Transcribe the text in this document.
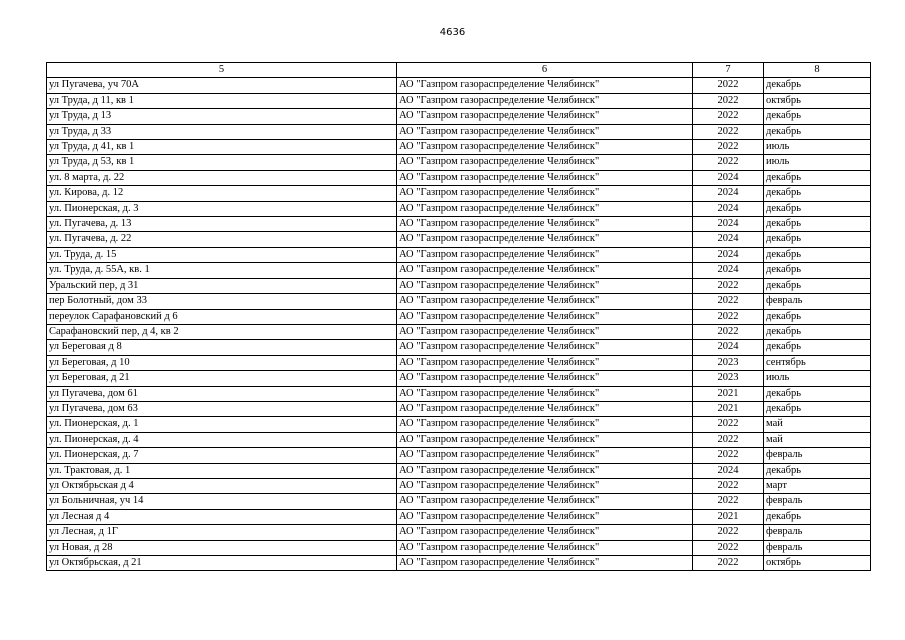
4636
5	6	7	8
ул Пугачева, уч 70А	АО "Газпром газораспределение Челябинск"	2022	декабрь
ул Труда, д 11, кв 1	АО "Газпром газораспределение Челябинск"	2022	октябрь
ул Труда, д 13	АО "Газпром газораспределение Челябинск"	2022	декабрь
ул Труда, д 33	АО "Газпром газораспределение Челябинск"	2022	декабрь
ул Труда, д 41, кв 1	АО "Газпром газораспределение Челябинск"	2022	июль
ул Труда, д 53, кв 1	АО "Газпром газораспределение Челябинск"	2022	июль
ул. 8 марта, д. 22	АО "Газпром газораспределение Челябинск"	2024	декабрь
ул. Кирова, д. 12	АО "Газпром газораспределение Челябинск"	2024	декабрь
ул. Пионерская, д. 3	АО "Газпром газораспределение Челябинск"	2024	декабрь
ул. Пугачева, д. 13	АО "Газпром газораспределение Челябинск"	2024	декабрь
ул. Пугачева, д. 22	АО "Газпром газораспределение Челябинск"	2024	декабрь
ул. Труда, д. 15	АО "Газпром газораспределение Челябинск"	2024	декабрь
ул. Труда, д. 55А, кв. 1	АО "Газпром газораспределение Челябинск"	2024	декабрь
Уральский пер, д 31	АО "Газпром газораспределение Челябинск"	2022	декабрь
пер Болотный, дом 33	АО "Газпром газораспределение Челябинск"	2022	февраль
переулок Сарафановский д 6	АО "Газпром газораспределение Челябинск"	2022	декабрь
Сарафановский пер, д 4, кв 2	АО "Газпром газораспределение Челябинск"	2022	декабрь
ул Береговая д 8	АО "Газпром газораспределение Челябинск"	2024	декабрь
ул Береговая, д 10	АО "Газпром газораспределение Челябинск"	2023	сентябрь
ул Береговая, д 21	АО "Газпром газораспределение Челябинск"	2023	июль
ул Пугачева, дом 61	АО "Газпром газораспределение Челябинск"	2021	декабрь
ул Пугачева, дом 63	АО "Газпром газораспределение Челябинск"	2021	декабрь
ул. Пионерская, д. 1	АО "Газпром газораспределение Челябинск"	2022	май
ул. Пионерская, д. 4	АО "Газпром газораспределение Челябинск"	2022	май
ул. Пионерская, д. 7	АО "Газпром газораспределение Челябинск"	2022	февраль
ул. Трактовая, д. 1	АО "Газпром газораспределение Челябинск"	2024	декабрь
ул Октябрьская д 4	АО "Газпром газораспределение Челябинск"	2022	март
ул Больничная, уч 14	АО "Газпром газораспределение Челябинск"	2022	февраль
ул Лесная д 4	АО "Газпром газораспределение Челябинск"	2021	декабрь
ул Лесная, д 1Г	АО "Газпром газораспределение Челябинск"	2022	февраль
ул Новая, д 28	АО "Газпром газораспределение Челябинск"	2022	февраль
ул Октябрьская, д 21	АО "Газпром газораспределение Челябинск"	2022	октябрь
